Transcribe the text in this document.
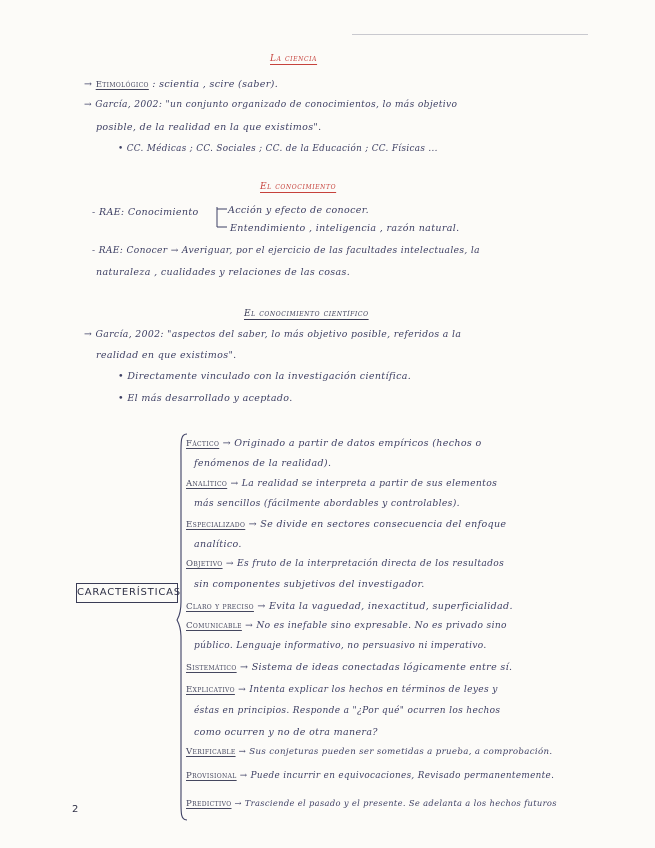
La ciencia
→ Etimológico : scientia , scire (saber).
→ García, 2002: "un conjunto organizado de conocimientos, lo más objetivo
posible, de la realidad en la que existimos".
• CC. Médicas ; CC. Sociales ; CC. de la Educación ; CC. Físicas ...
El conocimiento
- RAE: Conocimiento	Acción y efecto de conocer.
Entendimiento , inteligencia , razón natural.
- RAE: Conocer → Averiguar, por el ejercicio de las facultades intelectuales, la
naturaleza , cualidades y relaciones de las cosas.
El conocimiento científico
→ García, 2002: "aspectos del saber, lo más objetivo posible, referidos a la
realidad en que existimos".
• Directamente vinculado con la investigación científica.
• El más desarrollado y aceptado.
CARACTERÍSTICAS
Fáctico → Originado a partir de datos empíricos (hechos o
fenómenos de la realidad).
Analítico → La realidad se interpreta a partir de sus elementos
más sencillos (fácilmente abordables y controlables).
Especializado → Se divide en sectores consecuencia del enfoque
analítico.
Objetivo → Es fruto de la interpretación directa de los resultados
sin componentes subjetivos del investigador.
Claro y preciso → Evita la vaguedad, inexactitud, superficialidad.
Comunicable → No es inefable sino expresable. No es privado sino
público. Lenguaje informativo, no persuasivo ni imperativo.
Sistemático → Sistema de ideas conectadas lógicamente entre sí.
Explicativo → Intenta explicar los hechos en términos de leyes y
éstas en principios. Responde a "¿Por qué" ocurren los hechos
como ocurren y no de otra manera?
Verificable → Sus conjeturas pueden ser sometidas a prueba, a comprobación.
Provisional → Puede incurrir en equivocaciones, Revisado permanentemente.
Predictivo → Trasciende el pasado y el presente. Se adelanta a los hechos futuros
2
